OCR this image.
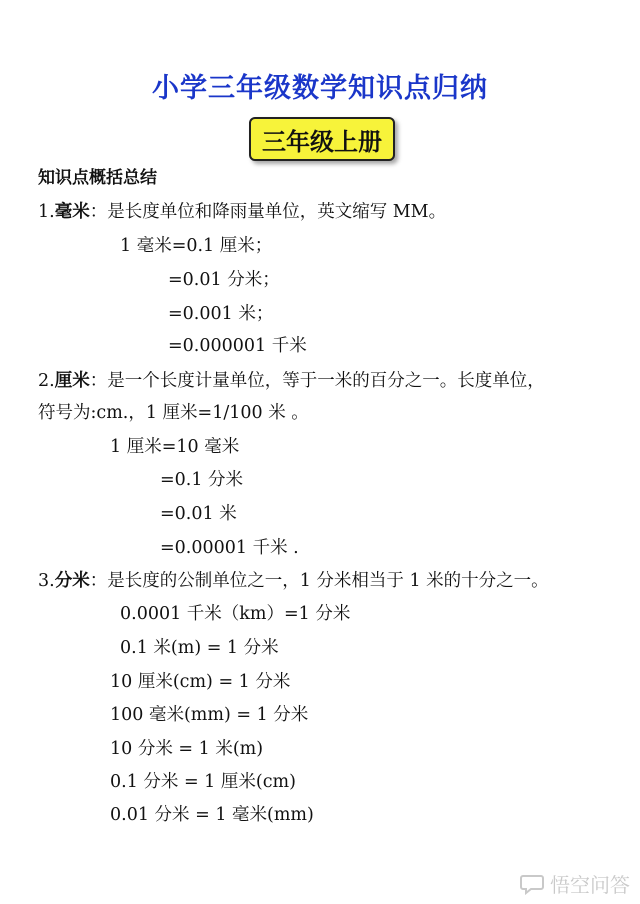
小学三年级数学知识点归纳
三年级上册
知识点概括总结
1.毫米：是长度单位和降雨量单位，英文缩写 MM。
1 毫米=0.1 厘米；
=0.01 分米；
=0.001 米；
=0.000001 千米
2.厘米：是一个长度计量单位，等于一米的百分之一。长度单位，
符号为:cm.，1 厘米=1/100 米 。
1 厘米=10 毫米
=0.1 分米
=0.01 米
=0.00001 千米 .
3.分米：是长度的公制单位之一，1 分米相当于 1 米的十分之一。
0.0001 千米（km）=1 分米
0.1 米(m) = 1 分米
10 厘米(cm) = 1 分米
100 毫米(mm) = 1 分米
10 分米 = 1 米(m)
0.1 分米 = 1 厘米(cm)
0.01 分米 = 1 毫米(mm)
悟空问答
